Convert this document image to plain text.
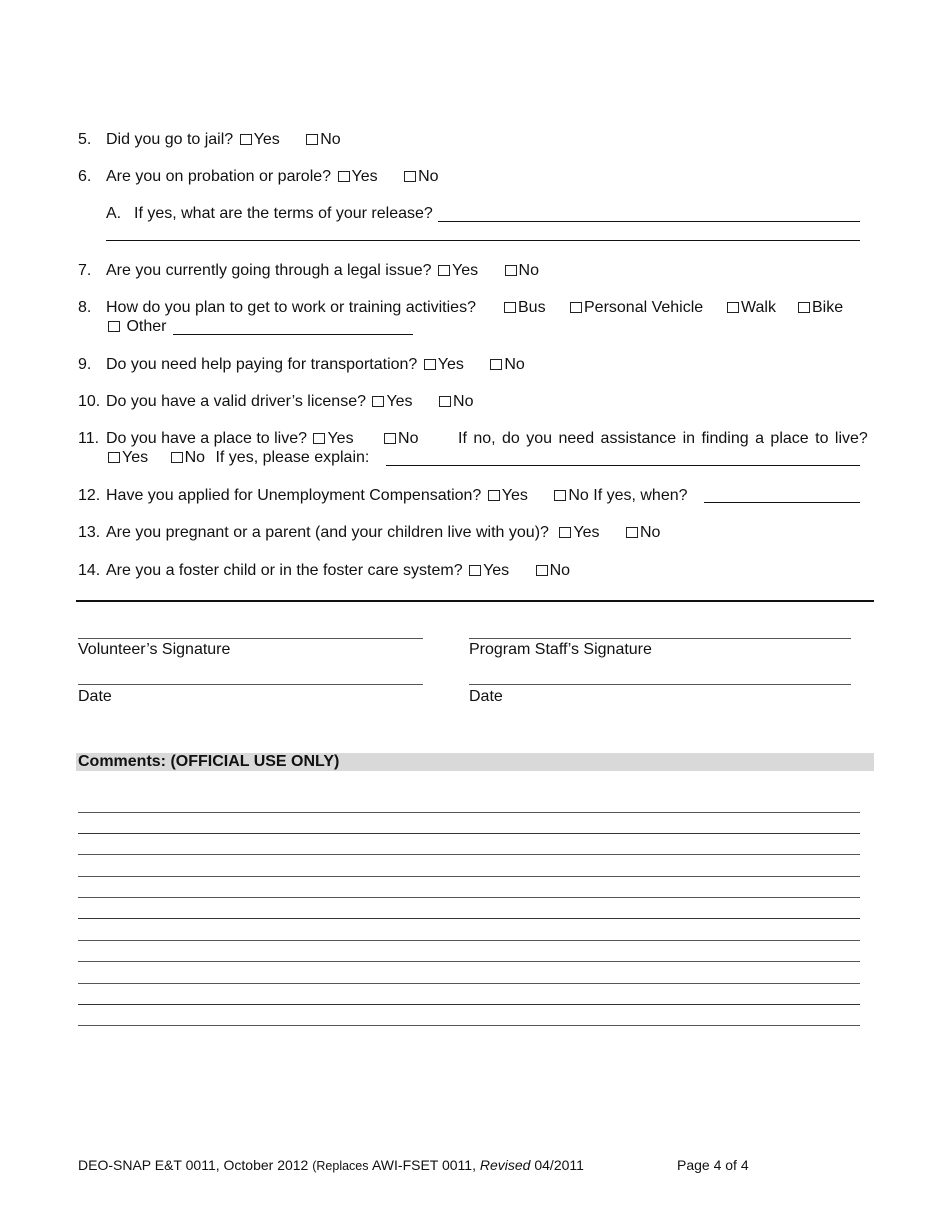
5. Did you go to jail? Yes	No
6. Are you on probation or parole? Yes	No
A. If yes, what are the terms of your release?
7. Are you currently going through a legal issue? Yes	No
8. How do you plan to get to work or training activities?	Bus	Personal Vehicle	Walk	Bike
Other
9. Do you need help paying for transportation? Yes	No
10. Do you have a valid driver’s license? Yes	No
11. Do you have a place to live? Yes	No If no, do you need assistance in finding a place to live?
Yes No If yes, please explain:
12. Have you applied for Unemployment Compensation? Yes	No If yes, when?
13. Are you pregnant or a parent (and your children live with you)? Yes	No
14. Are you a foster child or in the foster care system? Yes	No
Volunteer’s Signature	Program Staff’s Signature
Date	Date
Comments: (OFFICIAL USE ONLY)
DEO-SNAP E&T 0011, October 2012 (Replaces AWI-FSET 0011, Revised 04/2011	Page 4 of 4
